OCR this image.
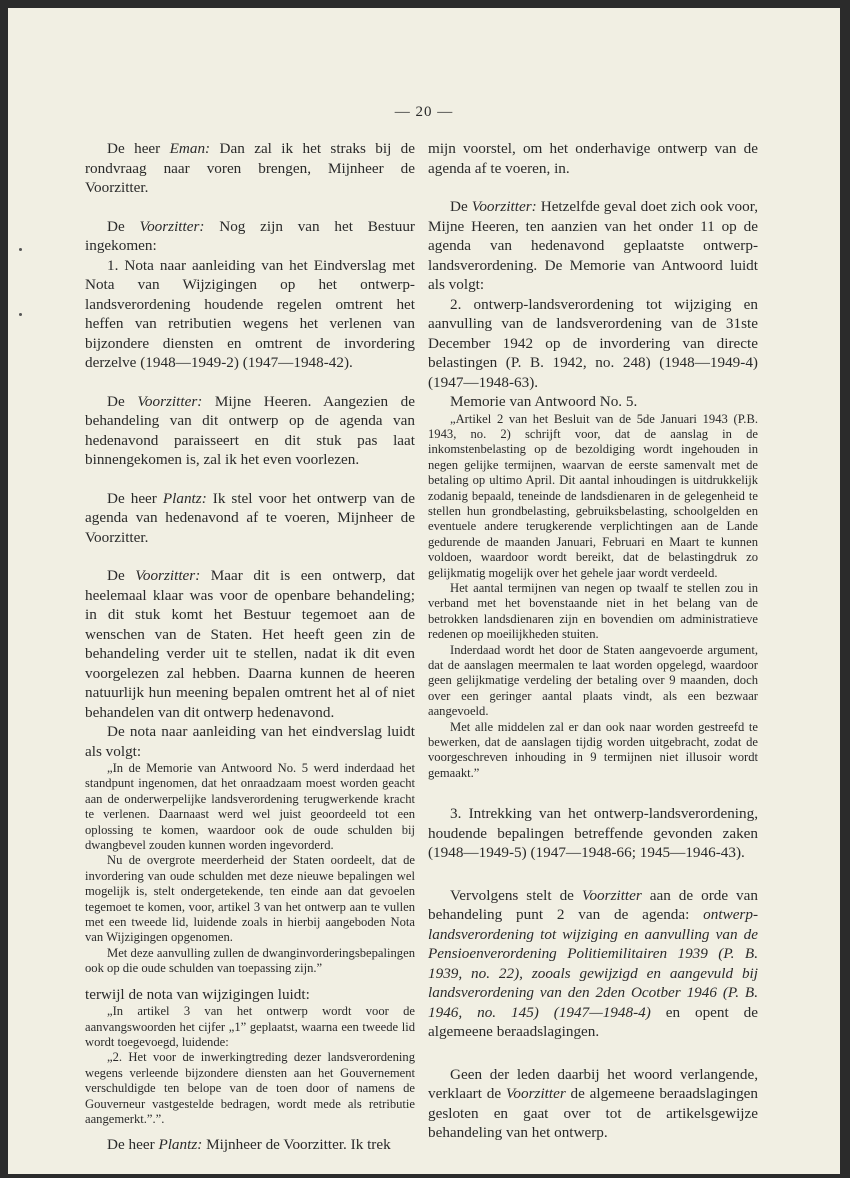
— 20 —

De heer Eman: Dan zal ik het straks bij de rondvraag naar voren brengen, Mijnheer de Voorzitter.

De Voorzitter: Nog zijn van het Bestuur ingekomen:

1. Nota naar aanleiding van het Eindverslag met Nota van Wijzigingen op het ontwerp-landsverordening houdende regelen omtrent het heffen van retributien wegens het verlenen van bijzondere diensten en omtrent de invordering derzelve (1948—1949-2) (1947—1948-42).

De Voorzitter: Mijne Heeren. Aangezien de behandeling van dit ontwerp op de agenda van hedenavond paraisseert en dit stuk pas laat binnengekomen is, zal ik het even voorlezen.

De heer Plantz: Ik stel voor het ontwerp van de agenda van hedenavond af te voeren, Mijnheer de Voorzitter.

De Voorzitter: Maar dit is een ontwerp, dat heelemaal klaar was voor de openbare behandeling; in dit stuk komt het Bestuur tegemoet aan de wenschen van de Staten. Het heeft geen zin de behandeling verder uit te stellen, nadat ik dit even voorgelezen zal hebben. Daarna kunnen de heeren natuurlijk hun meening bepalen omtrent het al of niet behandelen van dit ontwerp hedenavond.

De nota naar aanleiding van het eindverslag luidt als volgt:

„In de Memorie van Antwoord No. 5 werd inderdaad het standpunt ingenomen, dat het onraadzaam moest worden geacht aan de onderwerpelijke landsverordening terugwerkende kracht te verlenen. Daarnaast werd wel juist geoordeeld tot een oplossing te komen, waardoor ook de oude schulden bij dwangbevel zouden kunnen worden ingevorderd.

Nu de overgrote meerderheid der Staten oordeelt, dat de invordering van oude schulden met deze nieuwe bepalingen wel mogelijk is, stelt ondergetekende, ten einde aan dat gevoelen tegemoet te komen, voor, artikel 3 van het ontwerp aan te vullen met een tweede lid, luidende zoals in hierbij aangeboden Nota van Wijzigingen opgenomen.

Met deze aanvulling zullen de dwanginvorderingsbepalingen ook op die oude schulden van toepassing zijn.”

terwijl de nota van wijzigingen luidt:

„In artikel 3 van het ontwerp wordt voor de aanvangswoorden het cijfer „1” geplaatst, waarna een tweede lid wordt toegevoegd, luidende:

„2. Het voor de inwerkingtreding dezer landsverordening wegens verleende bijzondere diensten aan het Gouvernement verschuldigde ten belope van de toen door of namens de Gouverneur vastgestelde bedragen, wordt mede als retributie aangemerkt.”.”.

De heer Plantz: Mijnheer de Voorzitter. Ik trek

mijn voorstel, om het onderhavige ontwerp van de agenda af te voeren, in.

De Voorzitter: Hetzelfde geval doet zich ook voor, Mijne Heeren, ten aanzien van het onder 11 op de agenda van hedenavond geplaatste ontwerp-landsverordening. De Memorie van Antwoord luidt als volgt:

2. ontwerp-landsverordening tot wijziging en aanvulling van de landsverordening van de 31ste December 1942 op de invordering van directe belastingen (P. B. 1942, no. 248) (1948—1949-4) (1947—1948-63).

Memorie van Antwoord No. 5.

„Artikel 2 van het Besluit van de 5de Januari 1943 (P.B. 1943, no. 2) schrijft voor, dat de aanslag in de inkomstenbelasting op de bezoldiging wordt ingehouden in negen gelijke termijnen, waarvan de eerste samenvalt met de betaling op ultimo April. Dit aantal inhoudingen is uitdrukkelijk zodanig bepaald, teneinde de landsdienaren in de gelegenheid te stellen hun grondbelasting, gebruiksbelasting, schoolgelden en eventuele andere terugkerende verplichtingen aan de Lande gedurende de maanden Januari, Februari en Maart te kunnen voldoen, waardoor wordt bereikt, dat de belastingdruk zo gelijkmatig mogelijk over het gehele jaar wordt verdeeld.

Het aantal termijnen van negen op twaalf te stellen zou in verband met het bovenstaande niet in het belang van de betrokken landsdienaren zijn en bovendien om administratieve redenen op moeilijkheden stuiten.

Inderdaad wordt het door de Staten aangevoerde argument, dat de aanslagen meermalen te laat worden opgelegd, waardoor geen gelijkmatige verdeling der betaling over 9 maanden, doch over een geringer aantal plaats vindt, als een bezwaar aangevoeld.

Met alle middelen zal er dan ook naar worden gestreefd te bewerken, dat de aanslagen tijdig worden uitgebracht, zodat de voorgeschreven inhouding in 9 termijnen niet illusoir wordt gemaakt.”

3. Intrekking van het ontwerp-landsverordening, houdende bepalingen betreffende gevonden zaken (1948—1949-5) (1947—1948-66; 1945—1946-43).

Vervolgens stelt de Voorzitter aan de orde van behandeling punt 2 van de agenda: ontwerp-landsverordening tot wijziging en aanvulling van de Pensioenverordening Politiemilitairen 1939 (P. B. 1939, no. 22), zooals gewijzigd en aangevuld bij landsverordening van den 2den Ocotber 1946 (P. B. 1946, no. 145) (1947—1948-4) en opent de algemeene beraadslagingen.

Geen der leden daarbij het woord verlangende, verklaart de Voorzitter de algemeene beraadslagingen gesloten en gaat over tot de artikelsgewijze behandeling van het ontwerp.
